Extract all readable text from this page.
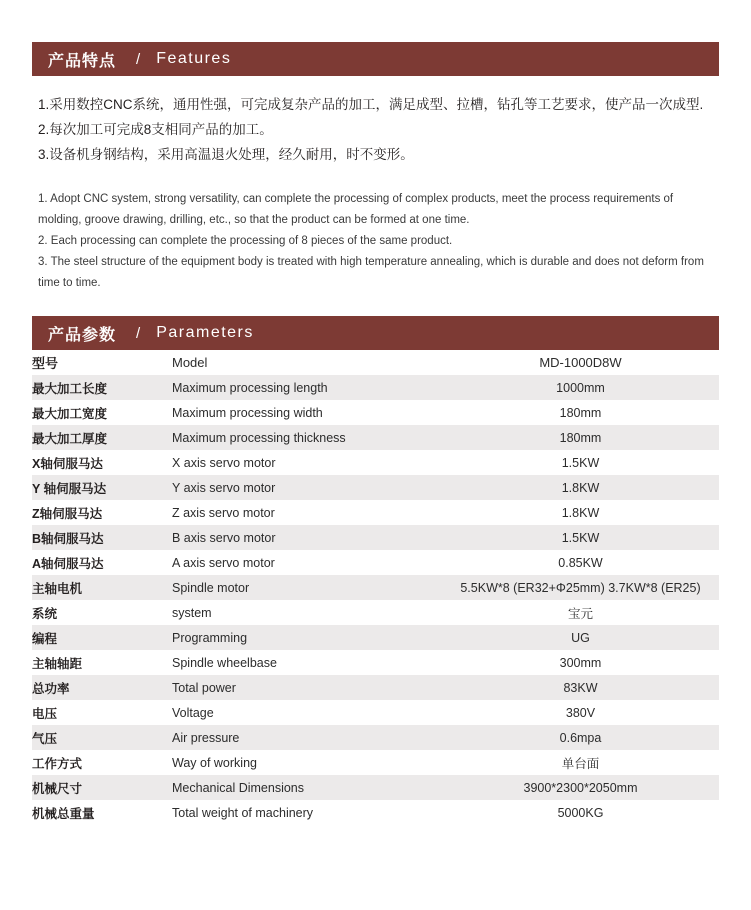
产品特点 / Features

1.采用数控CNC系统，通用性强，可完成复杂产品的加工，满足成型、拉槽，钻孔等工艺要求，使产品一次成型.

2.每次加工可完成8支相同产品的加工。

3.设备机身钢结构，采用高温退火处理，经久耐用，时不变形。

1. Adopt CNC system, strong versatility, can complete the processing of complex products, meet the process requirements of molding, groove drawing, drilling, etc., so that the product can be formed at one time.

2. Each processing can complete the processing of 8 pieces of the same product.

3. The steel structure of the equipment body is treated with high temperature annealing, which is durable and does not deform from time to time.

产品参数 / Parameters
型号	Model	MD-1000D8W
最大加工长度	Maximum processing length	1000mm
最大加工宽度	Maximum processing width	180mm
最大加工厚度	Maximum processing thickness	180mm
X轴伺服马达	X axis servo motor	1.5KW
Y 轴伺服马达	Y axis servo motor	1.8KW
Z轴伺服马达	Z axis servo motor	1.8KW
B轴伺服马达	B axis servo motor	1.5KW
A轴伺服马达	A axis servo motor	0.85KW
主轴电机	Spindle motor	5.5KW*8 (ER32+Φ25mm) 3.7KW*8 (ER25)
系统	system	宝元
编程	Programming	UG
主轴轴距	Spindle wheelbase	300mm
总功率	Total power	83KW
电压	Voltage	380V
气压	Air pressure	0.6mpa
工作方式	Way of working	单台面
机械尺寸	Mechanical Dimensions	3900*2300*2050mm
机械总重量	Total weight of machinery	5000KG
